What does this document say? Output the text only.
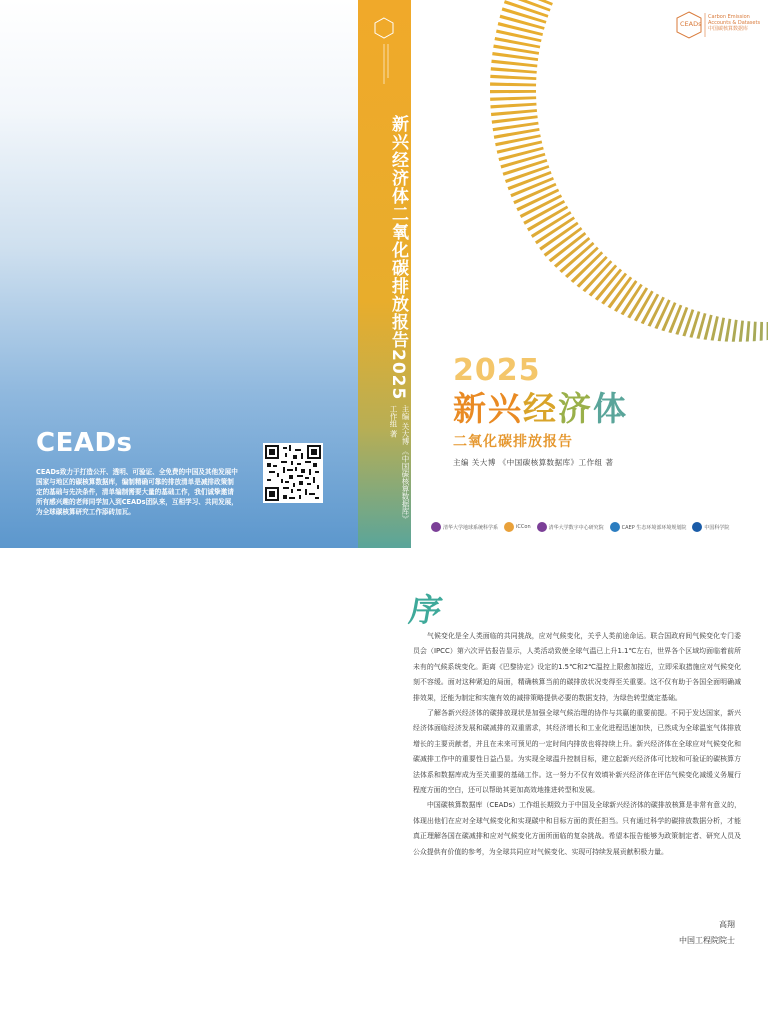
CEADs
CEADs致力于打造公开、透明、可验证、全免费的中国及其他发展中国家与地区的碳核算数据库，编制精确可靠的排放清单是减排政策制定的基础与先决条件，清单编制需要大量的基础工作，我们诚挚邀请所有感兴趣的老师同学加入到CEADs团队来，互相学习、共同发展，为全球碳核算研究工作添砖加瓦。
新兴经济体二氧化碳排放报告2025
主编 关大博 《中国碳核算数据库》工作组 著
CEADs
Carbon Emission
Accounts & Datasets
中国碳核算数据库
2025
新兴经济体
二氧化碳排放报告
主编 关大博 《中国碳核算数据库》工作组 著
清华大学地球系统科学系	iCCon	清华大学数字中心研究院	CAEP 生态环境部环境规划院	中国科学院
序

气候变化是全人类面临的共同挑战，应对气候变化，关乎人类前途命运。联合国政府间气候变化专门委员会（IPCC）第六次评估报告显示，人类活动致使全球气温已上升1.1℃左右，世界各个区域均面临着前所未有的气候系统变化。距离《巴黎协定》设定的1.5℃和2℃温控上限愈加接近，立即采取措施应对气候变化刻不容缓。面对这种紧迫的局面，精确核算当前的碳排放状况变得至关重要。这不仅有助于各国全面明确减排效果，还能为制定和实施有效的减排策略提供必要的数据支持，为绿色转型奠定基础。

了解各新兴经济体的碳排放现状是加强全球气候治理的协作与共赢的重要前提。不同于发达国家，新兴经济体面临经济发展和碳减排的双重需求，其经济增长和工业化进程迅速加快，已然成为全球温室气体排放增长的主要贡献者，并且在未来可预见的一定时间内排放也将持续上升。新兴经济体在全球应对气候变化和碳减排工作中的重要性日益凸显。为实现全球温升控制目标，建立起新兴经济体可比较和可验证的碳核算方法体系和数据库成为至关重要的基础工作。这一努力不仅有效填补新兴经济体在评估气候变化减缓义务履行程度方面的空白，还可以帮助其更加高效地推进转型和发展。

中国碳核算数据库（CEADs）工作组长期致力于中国及全球新兴经济体的碳排放核算是非常有意义的，体现出他们在应对全球气候变化和实现碳中和目标方面的责任担当。只有通过科学的碳排放数据分析，才能真正理解各国在碳减排和应对气候变化方面所面临的复杂挑战。希望本报告能够为政策制定者、研究人员及公众提供有价值的参考，为全球共同应对气候变化、实现可持续发展贡献积极力量。

高翔
中国工程院院士
